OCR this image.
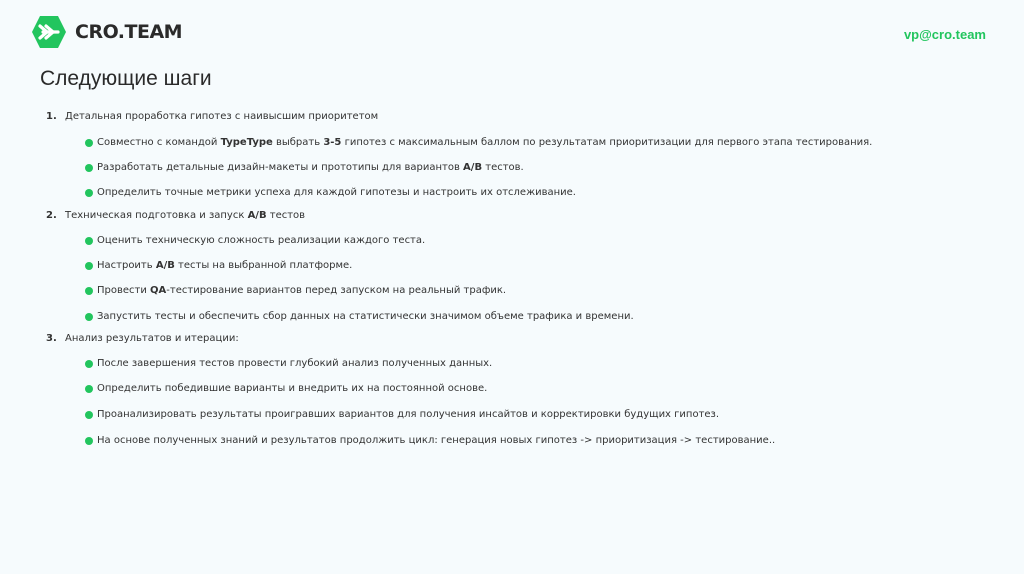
CRO.TEAM	vp@cro.team
Следующие шаги
1. Детальная проработка гипотез с наивысшим приоритетом
Совместно с командой TypeType выбрать 3-5 гипотез с максимальным баллом по результатам приоритизации для первого этапа тестирования.
Разработать детальные дизайн-макеты и прототипы для вариантов A/B тестов.
Определить точные метрики успеха для каждой гипотезы и настроить их отслеживание.
2. Техническая подготовка и запуск A/B тестов
Оценить техническую сложность реализации каждого теста.
Настроить A/B тесты на выбранной платформе.
Провести QA-тестирование вариантов перед запуском на реальный трафик.
Запустить тесты и обеспечить сбор данных на статистически значимом объеме трафика и времени.
3. Анализ результатов и итерации:
После завершения тестов провести глубокий анализ полученных данных.
Определить победившие варианты и внедрить их на постоянной основе.
Проанализировать результаты проигравших вариантов для получения инсайтов и корректировки будущих гипотез.
На основе полученных знаний и результатов продолжить цикл: генерация новых гипотез -> приоритизация -> тестирование..
